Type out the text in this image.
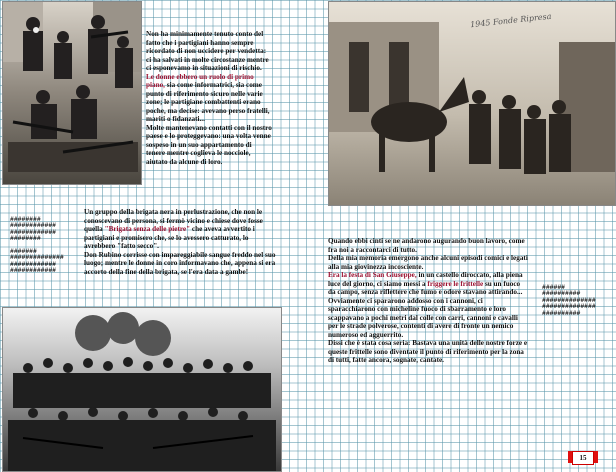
Non ha minimamente tenuto conto del fatto che i partigiani hanno sempre ricordato di non uccidere per vendetta: ci ha salvati in molte circostanze mentre ci esponevamo in situazioni di rischio.

Le donne ebbero un ruolo di primo piano, sia come informatrici, sia come punto di riferimento sicuro nelle varie zone; le partigiane combattenti erano poche, ma decise: avevano perso fratelli, mariti o fidanzati...

Molte mantenevano contatti con il nostro paese e lo proteggevano: una volta venne sospeso in un suo appartamento di tenere mentre coglieva le nocciole, aiutato da alcune di loro.

Un gruppo della brigata nera in perlustrazione, che non le conoscevano di persona, si fermò vicino e chiese dove fosse quella "Brigata senza delle pietre" che aveva avvertito i partigiani e promisero che, se lo avessero catturato, lo avrebbero "fatto secco".

Don Rubino corrisse con impareggiabile sangue freddo nel suo luogo; mentre le donne in coro informavano che, appena si era accorto della fine della brigata, se l'era data a gambe!

########
############
############
########

#######
##############
############
############
1945 Fonde Ripresa

Quando ebbi cinti se ne andarono augurando buon lavoro, come fra noi a raccontarci di tutto.

Della mia memoria emergono anche alcuni episodi comici e legati alla mia giovinezza incosciente.

Era la festa di San Giuseppe, in un castello diroccato, alla piena luce del giorno, ci siamo messi a friggere le frittelle su un fuoco da campo, senza riflettere che fumo e odore stavano attirando...

Ovviamente ci spararono addosso con i cannoni, ci sparacchiarono con micheline fuoco di sbarramento e loro scappavano a pochi metri dal colle con carri, cannoni e cavalli per le strade polverose, contenti di avere di fronte un nemico numeroso ed agguerrito.

Dissi che è stata cosa seria: Bastava una unità delle nostre forze e queste frittelle sono diventate il punto di riferimento per la zona di tutti, fatte ancora, sognate, cantate.

######
##########
##############
##############
##########
15
